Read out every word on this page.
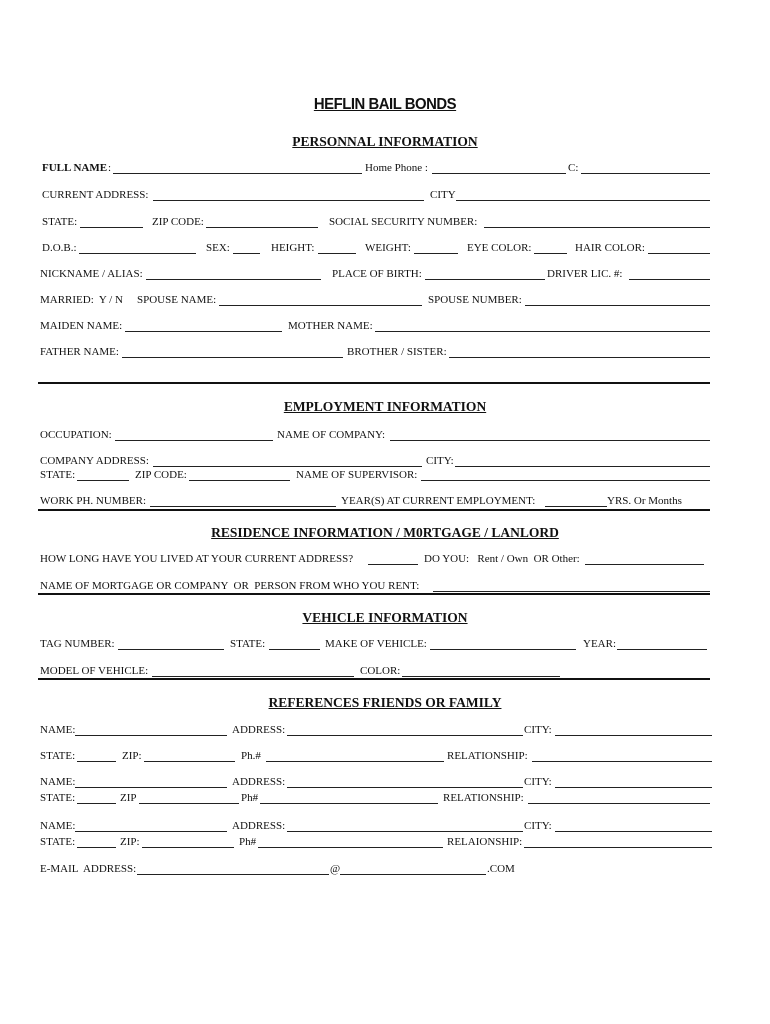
HEFLIN BAIL BONDS
PERSONNAL INFORMATION
FULL NAME :	Home Phone :	C:
CURRENT ADDRESS:	CITY
STATE:	ZIP CODE:	SOCIAL SECURITY NUMBER:
D.O.B.:	SEX:	HEIGHT:	WEIGHT:	EYE COLOR:	HAIR COLOR:
NICKNAME / ALIAS:	PLACE OF BIRTH:	DRIVER LIC. #:
MARRIED:  Y / N SPOUSE NAME:	SPOUSE NUMBER:
MAIDEN NAME:	MOTHER NAME:
FATHER NAME:	BROTHER / SISTER:
EMPLOYMENT INFORMATION
OCCUPATION:	NAME OF COMPANY:
COMPANY ADDRESS:	CITY:
STATE:	ZIP CODE:	NAME OF SUPERVISOR:
WORK PH. NUMBER:	YEAR(S) AT CURRENT EMPLOYMENT:	YRS. Or Months
RESIDENCE INFORMATION / M0RTGAGE / LANLORD
HOW LONG HAVE YOU LIVED AT YOUR CURRENT ADDRESS?	DO YOU:   Rent / Own  OR Other:
NAME OF MORTGAGE OR COMPANY  OR  PERSON FROM WHO YOU RENT:
VEHICLE INFORMATION
TAG NUMBER:	STATE:	MAKE OF VEHICLE:	YEAR:
MODEL OF VEHICLE:	COLOR:
REFERENCES FRIENDS OR FAMILY
NAME:	ADDRESS:	CITY:
STATE:	ZIP:	Ph.#	RELATIONSHIP:
NAME:	ADDRESS:	CITY:
STATE:	ZIP	Ph#	RELATIONSHIP:
NAME:	ADDRESS:	CITY:
STATE:	ZIP:	Ph#	RELAIONSHIP:
E-MAIL  ADDRESS:	@	.COM
